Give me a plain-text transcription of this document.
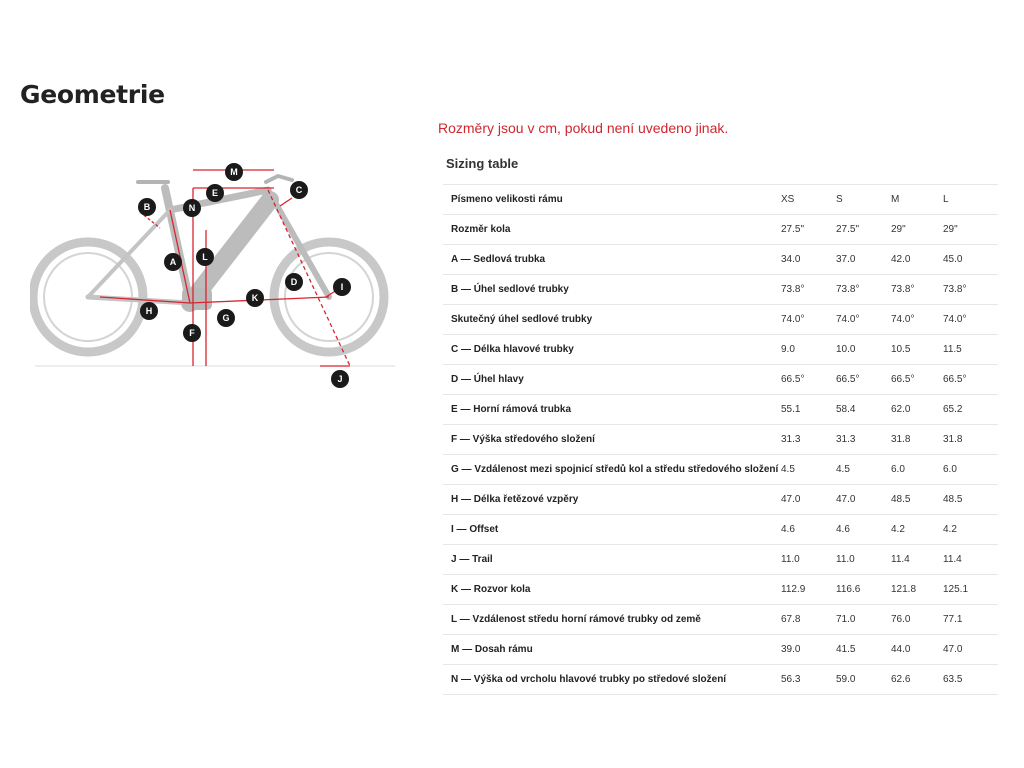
Geometrie
Rozměry jsou v cm, pokud není uvedeno jinak.
M
E
B	N
C
L
A
D	I
K
H
G
F
J
Sizing table
Písmeno velikosti rámu	XS	S	M	L
Rozměr kola	27.5"	27.5"	29"	29"
A — Sedlová trubka	34.0	37.0	42.0	45.0
B — Úhel sedlové trubky	73.8°	73.8°	73.8°	73.8°
Skutečný úhel sedlové trubky	74.0°	74.0°	74.0°	74.0°
C — Délka hlavové trubky	9.0	10.0	10.5	11.5
D — Úhel hlavy	66.5°	66.5°	66.5°	66.5°
E — Horní rámová trubka	55.1	58.4	62.0	65.2
F — Výška středového složení	31.3	31.3	31.8	31.8
G — Vzdálenost mezi spojnicí středů kol a středu středového složení	4.5	4.5	6.0	6.0
H — Délka řetězové vzpěry	47.0	47.0	48.5	48.5
I — Offset	4.6	4.6	4.2	4.2
J — Trail	11.0	11.0	11.4	11.4
K — Rozvor kola	112.9	116.6	121.8	125.1
L — Vzdálenost středu horní rámové trubky od země	67.8	71.0	76.0	77.1
M — Dosah rámu	39.0	41.5	44.0	47.0
N — Výška od vrcholu hlavové trubky po středové složení	56.3	59.0	62.6	63.5
